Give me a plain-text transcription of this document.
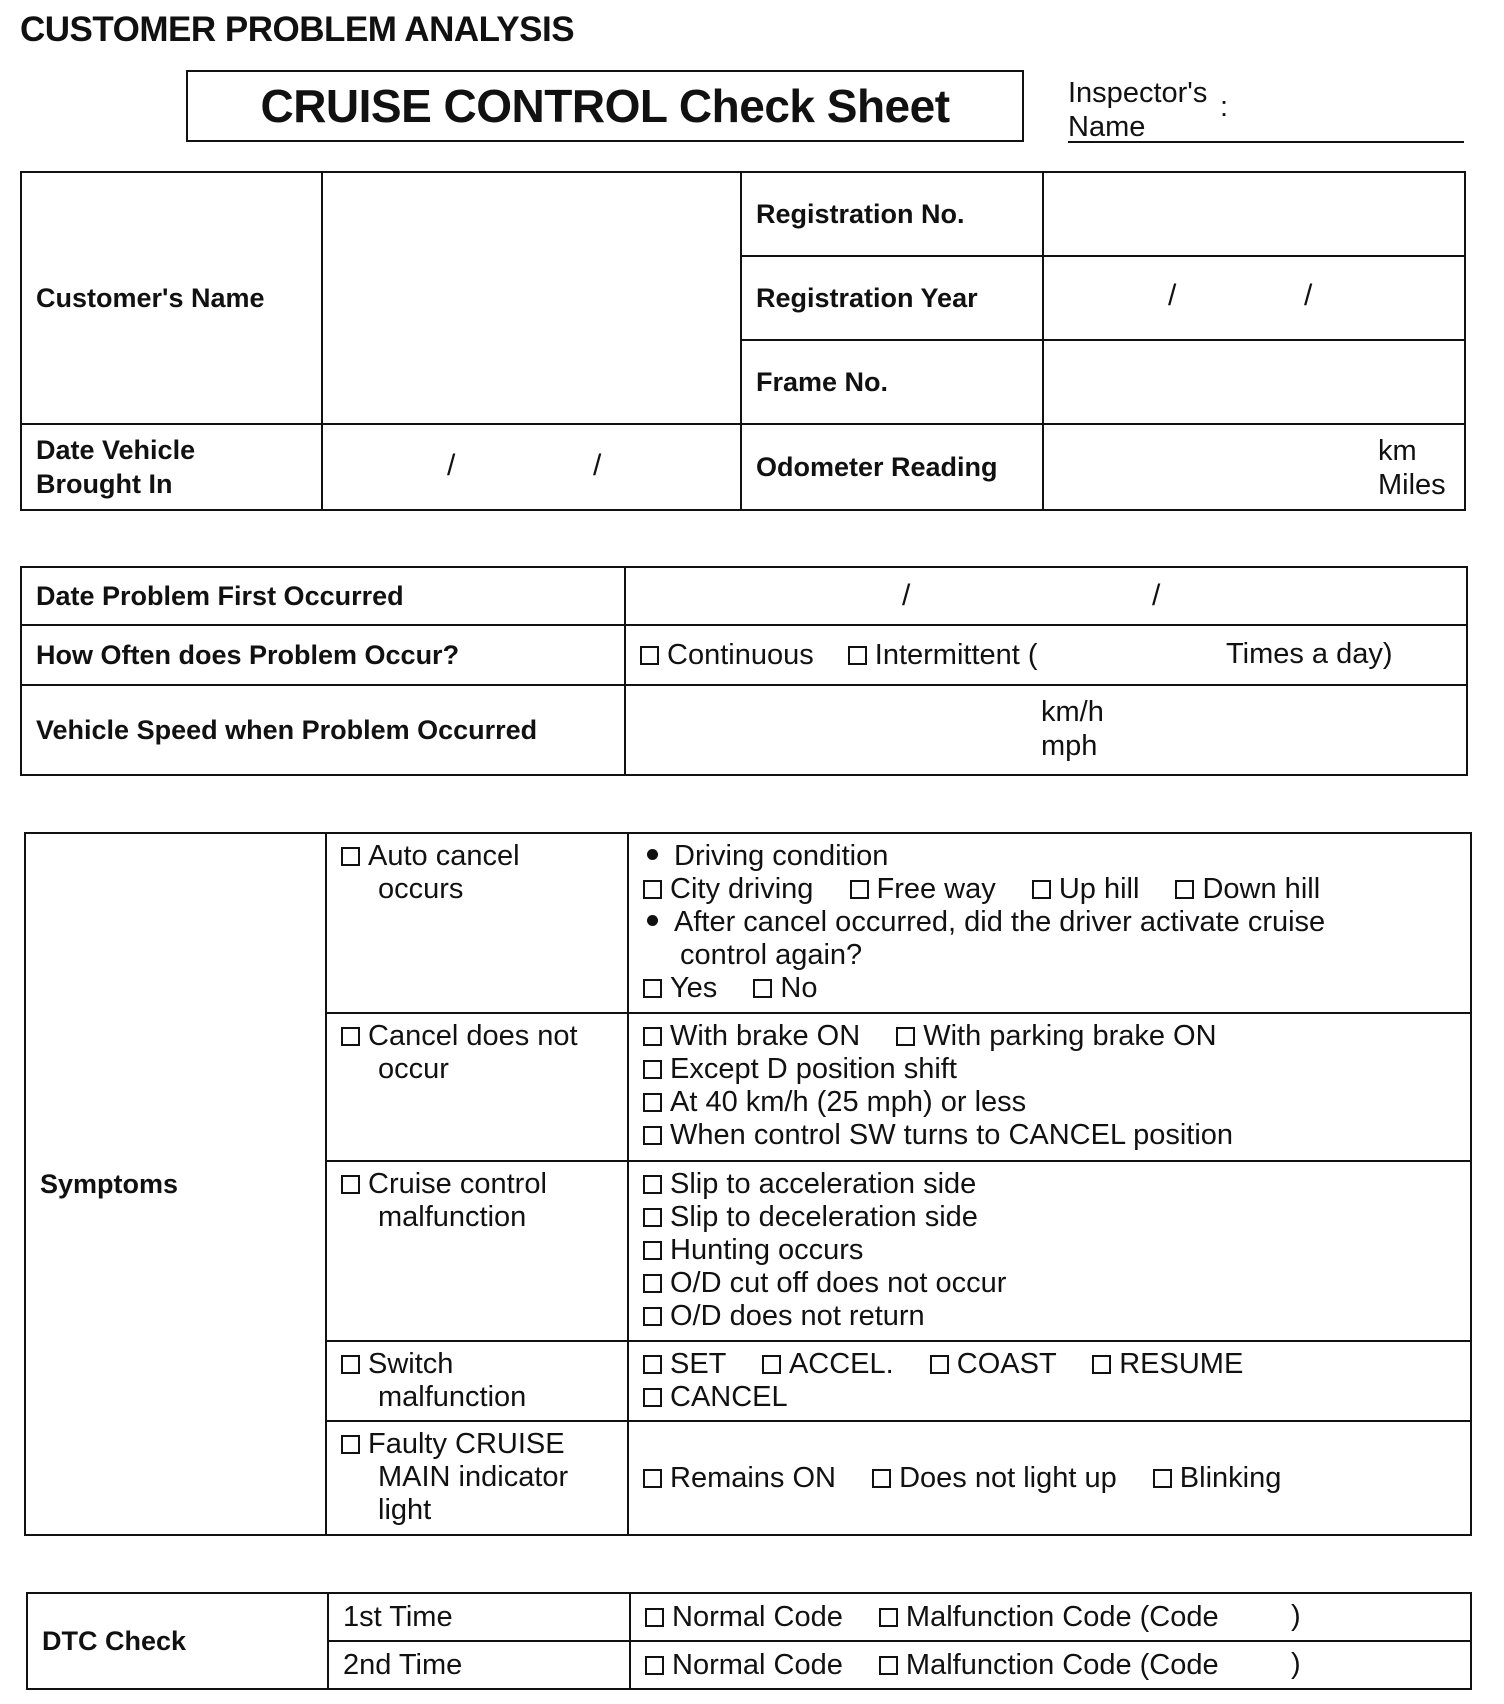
CUSTOMER PROBLEM ANALYSIS
CRUISE CONTROL Check Sheet	Inspector's
Name
:
Customer's Name		Registration No.	
		Registration Year	/ /

		Frame No.	

Date Vehicle
Brought In	/ /	Odometer Reading	km
Miles
Date Problem First Occurred	/ /

How Often does Problem Occur?	Continuous Intermittent ( Times a day)

Vehicle Speed when Problem Occurred	km/h
mph
Symptoms	Auto cancel
occurs	Driving condition
City driving Free way Up hill Down hill
After cancel occurred, did the driver activate cruise
control again?
Yes No

	Cancel does not
occur	With brake ON With parking brake ON
Except D position shift
At 40 km/h (25 mph) or less
When control SW turns to CANCEL position

	Cruise control
malfunction	Slip to acceleration side
Slip to deceleration side
Hunting occurs
O/D cut off does not occur
O/D does not return

	Switch
malfunction	SET ACCEL. COAST RESUME
CANCEL

	Faulty CRUISE
MAIN indicator
light	Remains ON Does not light up Blinking
DTC Check	1st Time	Normal Code Malfunction Code (Code )

	2nd Time	Normal Code Malfunction Code (Code )
